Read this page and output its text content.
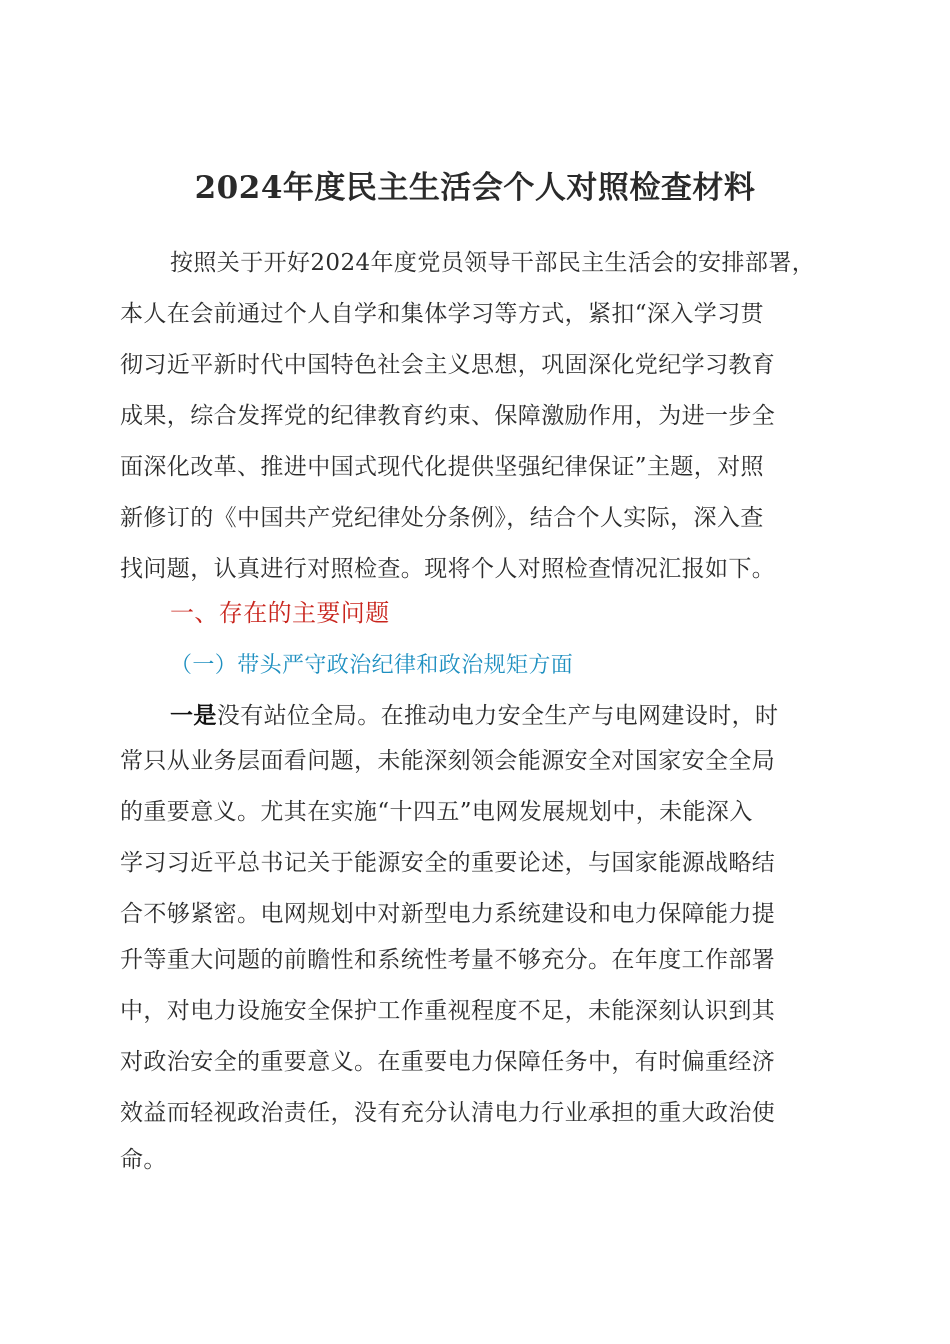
2024年度民主生活会个人对照检查材料
按照关于开好2024年度党员领导干部民主生活会的安排部署，
本人在会前通过个人自学和集体学习等方式，紧扣“深入学习贯
彻习近平新时代中国特色社会主义思想，巩固深化党纪学习教育
成果，综合发挥党的纪律教育约束、保障激励作用，为进一步全
面深化改革、推进中国式现代化提供坚强纪律保证”主题，对照
新修订的《中国共产党纪律处分条例》，结合个人实际，深入查
找问题，认真进行对照检查。现将个人对照检查情况汇报如下。
一、存在的主要问题
（一）带头严守政治纪律和政治规矩方面
一是没有站位全局。在推动电力安全生产与电网建设时，时
常只从业务层面看问题，未能深刻领会能源安全对国家安全全局
的重要意义。尤其在实施“十四五”电网发展规划中，未能深入
学习习近平总书记关于能源安全的重要论述，与国家能源战略结
合不够紧密。电网规划中对新型电力系统建设和电力保障能力提
升等重大问题的前瞻性和系统性考量不够充分。在年度工作部署
中，对电力设施安全保护工作重视程度不足，未能深刻认识到其
对政治安全的重要意义。在重要电力保障任务中，有时偏重经济
效益而轻视政治责任，没有充分认清电力行业承担的重大政治使
命。
